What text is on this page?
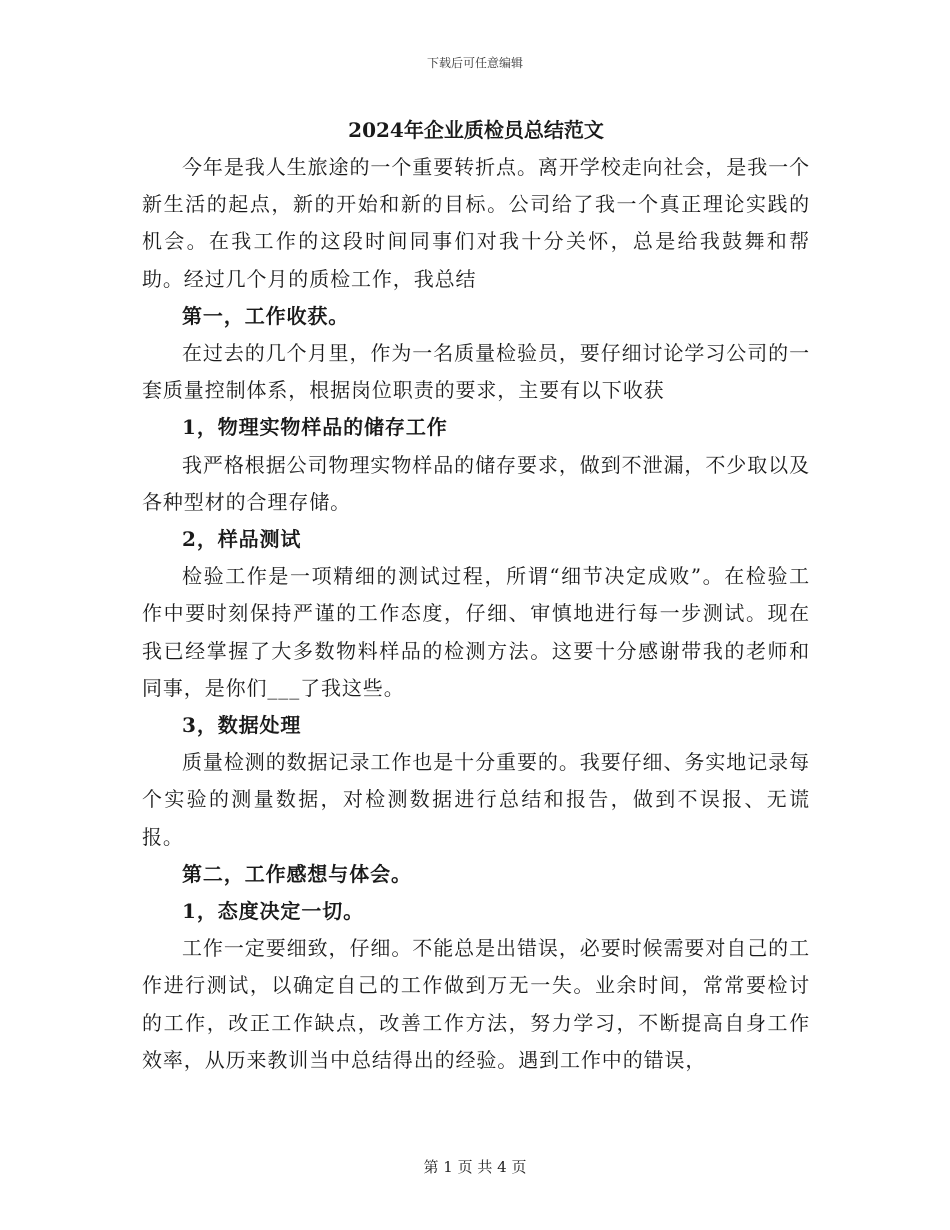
下载后可任意编辑
2024年企业质检员总结范文

今年是我人生旅途的一个重要转折点。离开学校走向社会，是我一个新生活的起点，新的开始和新的目标。公司给了我一个真正理论实践的机会。在我工作的这段时间同事们对我十分关怀，总是给我鼓舞和帮助。经过几个月的质检工作，我总结

第一，工作收获。

在过去的几个月里，作为一名质量检验员，要仔细讨论学习公司的一套质量控制体系，根据岗位职责的要求，主要有以下收获

1，物理实物样品的储存工作

我严格根据公司物理实物样品的储存要求，做到不泄漏，不少取以及各种型材的合理存储。

2，样品测试

检验工作是一项精细的测试过程，所谓“细节决定成败”。在检验工作中要时刻保持严谨的工作态度，仔细、审慎地进行每一步测试。现在我已经掌握了大多数物料样品的检测方法。这要十分感谢带我的老师和同事，是你们___了我这些。

3，数据处理

质量检测的数据记录工作也是十分重要的。我要仔细、务实地记录每个实验的测量数据，对检测数据进行总结和报告，做到不误报、无谎报。

第二，工作感想与体会。

1，态度决定一切。

工作一定要细致，仔细。不能总是出错误，必要时候需要对自己的工作进行测试，以确定自己的工作做到万无一失。业余时间，常常要检讨的工作，改正工作缺点，改善工作方法，努力学习，不断提高自身工作效率，从历来教训当中总结得出的经验。遇到工作中的错误，

第 1 页 共 4 页
